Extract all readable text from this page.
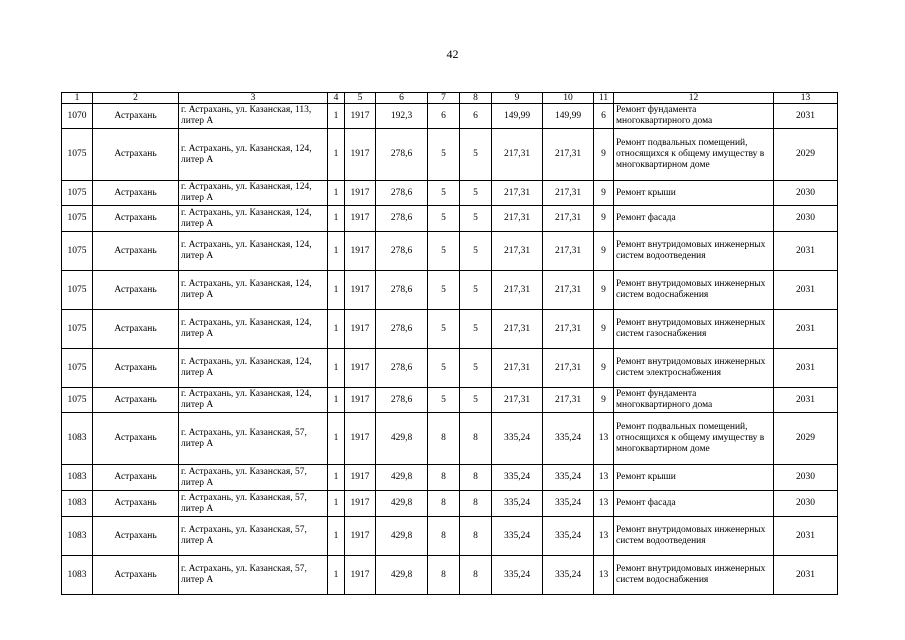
42
1	2	3	4	5	6	7	8	9	10	11	12	13
1070	Астрахань	г. Астрахань, ул. Казанская, 113, литер А	1	1917	192,3	6	6	149,99	149,99	6	Ремонт фундамента многоквартирного дома	2031
1075	Астрахань	г. Астрахань, ул. Казанская, 124, литер А	1	1917	278,6	5	5	217,31	217,31	9	Ремонт подвальных помещений, относящихся к общему имуществу в многоквартирном доме	2029
1075	Астрахань	г. Астрахань, ул. Казанская, 124, литер А	1	1917	278,6	5	5	217,31	217,31	9	Ремонт крыши	2030
1075	Астрахань	г. Астрахань, ул. Казанская, 124, литер А	1	1917	278,6	5	5	217,31	217,31	9	Ремонт фасада	2030
1075	Астрахань	г. Астрахань, ул. Казанская, 124, литер А	1	1917	278,6	5	5	217,31	217,31	9	Ремонт внутридомовых инженерных систем водоотведения	2031
1075	Астрахань	г. Астрахань, ул. Казанская, 124, литер А	1	1917	278,6	5	5	217,31	217,31	9	Ремонт внутридомовых инженерных систем водоснабжения	2031
1075	Астрахань	г. Астрахань, ул. Казанская, 124, литер А	1	1917	278,6	5	5	217,31	217,31	9	Ремонт внутридомовых инженерных систем газоснабжения	2031
1075	Астрахань	г. Астрахань, ул. Казанская, 124, литер А	1	1917	278,6	5	5	217,31	217,31	9	Ремонт внутридомовых инженерных систем электроснабжения	2031
1075	Астрахань	г. Астрахань, ул. Казанская, 124, литер А	1	1917	278,6	5	5	217,31	217,31	9	Ремонт фундамента многоквартирного дома	2031
1083	Астрахань	г. Астрахань, ул. Казанская, 57, литер А	1	1917	429,8	8	8	335,24	335,24	13	Ремонт подвальных помещений, относящихся к общему имуществу в многоквартирном доме	2029
1083	Астрахань	г. Астрахань, ул. Казанская, 57, литер А	1	1917	429,8	8	8	335,24	335,24	13	Ремонт крыши	2030
1083	Астрахань	г. Астрахань, ул. Казанская, 57, литер А	1	1917	429,8	8	8	335,24	335,24	13	Ремонт фасада	2030
1083	Астрахань	г. Астрахань, ул. Казанская, 57, литер А	1	1917	429,8	8	8	335,24	335,24	13	Ремонт внутридомовых инженерных систем водоотведения	2031
1083	Астрахань	г. Астрахань, ул. Казанская, 57, литер А	1	1917	429,8	8	8	335,24	335,24	13	Ремонт внутридомовых инженерных систем водоснабжения	2031
